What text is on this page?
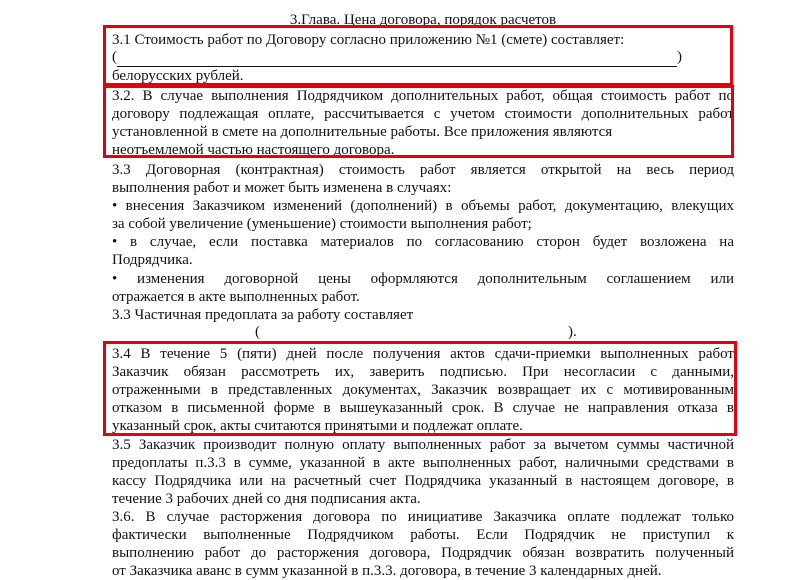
3.Глава. Цена договора, порядок расчетов
3.1 Стоимость работ по Договору согласно приложению №1 (смете) составляет:
(	)
белорусских рублей.
3.2. В случае выполнения Подрядчиком дополнительных работ, общая стоимость работ по
договору подлежащая оплате, рассчитывается с учетом стоимости дополнительных работ
установленной в смете на дополнительные работы. Все приложения являются
неотъемлемой частью настоящего договора.
3.3 Договорная (контрактная) стоимость работ является открытой на весь период
выполнения работ и может быть изменена в случаях:
• внесения Заказчиком изменений (дополнений) в объемы работ, документацию, влекущих
за собой увеличение (уменьшение) стоимости выполнения работ;
• в случае, если поставка материалов по согласованию сторон будет возложена на
Подрядчика.
• изменения договорной цены оформляются дополнительным соглашением или
отражается в акте выполненных работ.
3.3 Частичная предоплата за работу составляет
(	).
3.4 В течение 5 (пяти) дней после получения актов сдачи-приемки выполненных работ
Заказчик обязан рассмотреть их, заверить подписью. При несогласии с данными,
отраженными в представленных документах, Заказчик возвращает их с мотивированным
отказом в письменной форме в вышеуказанный срок. В случае не направления отказа в
указанный срок, акты считаются принятыми и подлежат оплате.
3.5 Заказчик производит полную оплату выполненных работ за вычетом суммы частичной
предоплаты п.3.3 в сумме, указанной в акте выполненных работ, наличными средствами в
кассу Подрядчика или на расчетный счет Подрядчика указанный в настоящем договоре, в
течение 3 рабочих дней со дня подписания акта.
3.6. В случае расторжения договора по инициативе Заказчика оплате подлежат только
фактически выполненные Подрядчиком работы. Если Подрядчик не приступил к
выполнению работ до расторжения договора, Подрядчик обязан возвратить полученный
от Заказчика аванс в сумм указанной в п.3.3. договора, в течение 3 календарных дней.
